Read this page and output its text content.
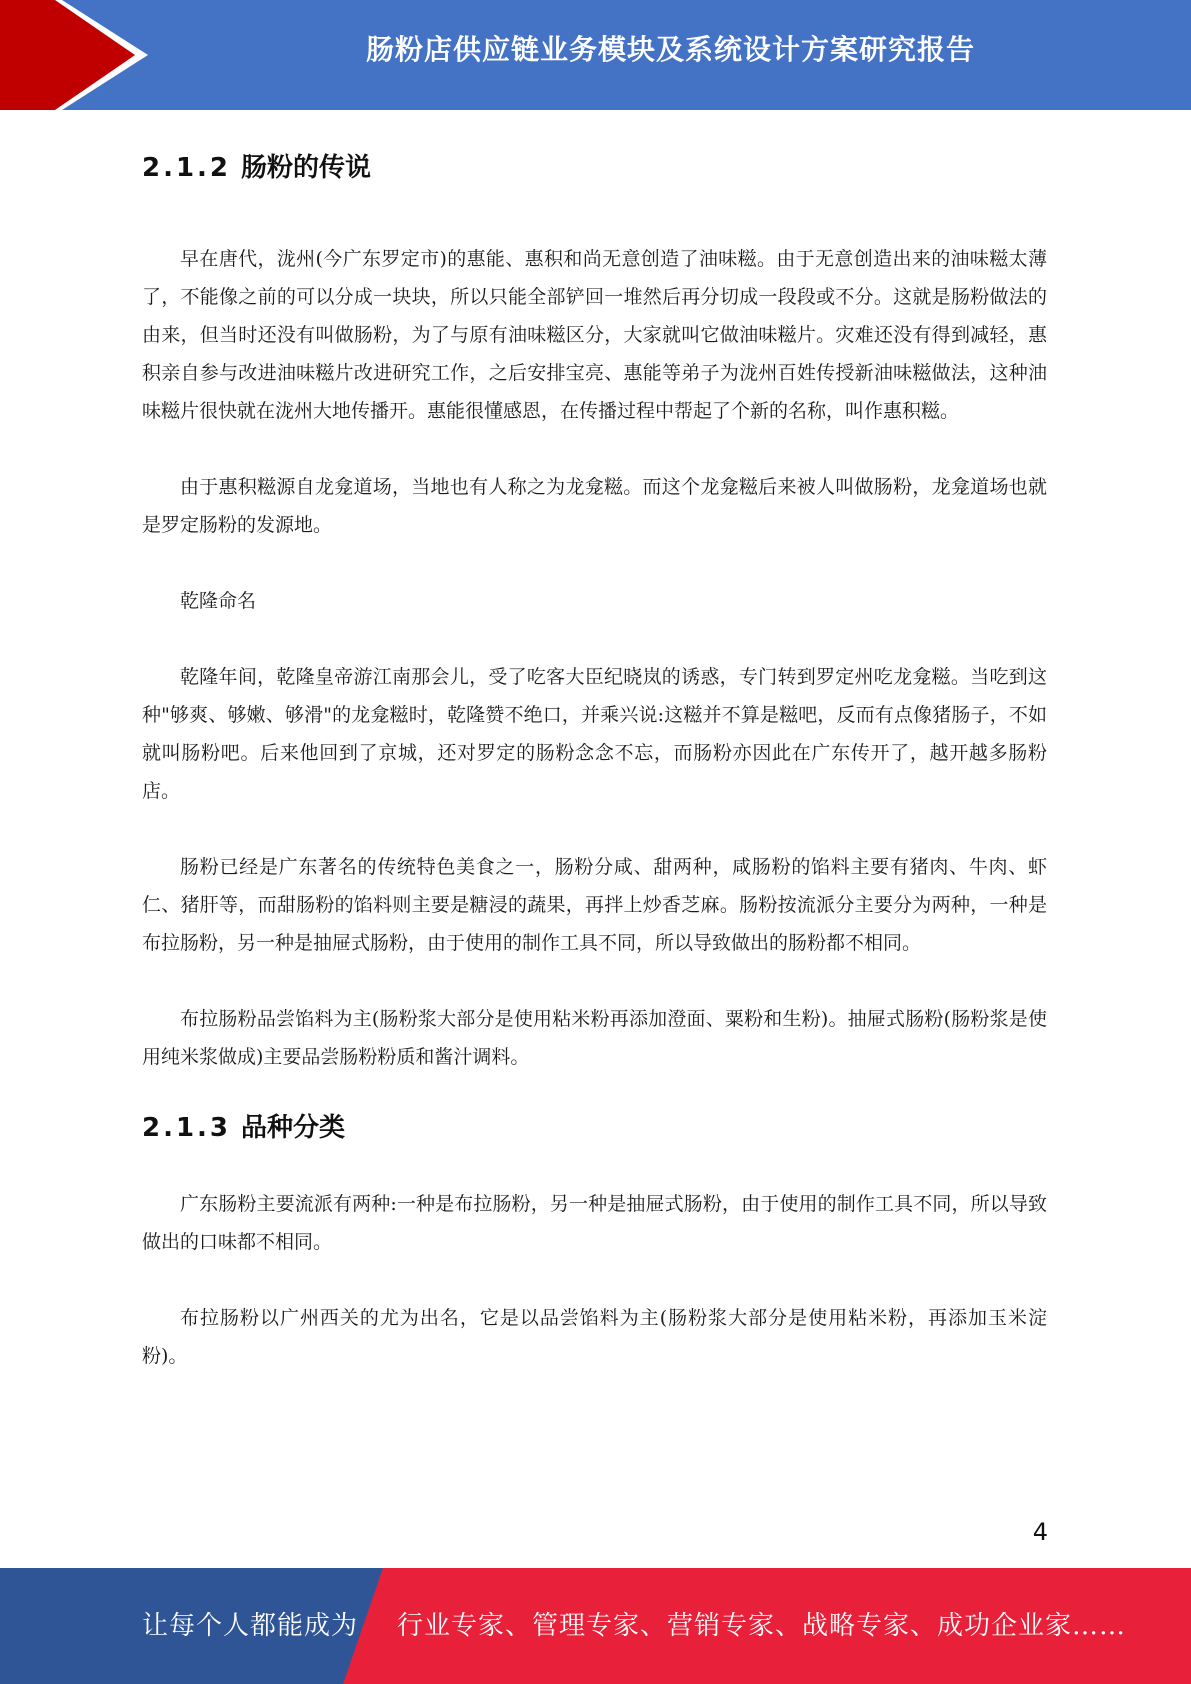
肠粉店供应链业务模块及系统设计方案研究报告
2.1.2 肠粉的传说

早在唐代，泷州(今广东罗定市)的惠能、惠积和尚无意创造了油味糍。由于无意创造出来的油味糍太薄了，不能像之前的可以分成一块块，所以只能全部铲回一堆然后再分切成一段段或不分。这就是肠粉做法的由来，但当时还没有叫做肠粉，为了与原有油味糍区分，大家就叫它做油味糍片。灾难还没有得到减轻，惠积亲自参与改进油味糍片改进研究工作，之后安排宝亮、惠能等弟子为泷州百姓传授新油味糍做法，这种油味糍片很快就在泷州大地传播开。惠能很懂感恩，在传播过程中帮起了个新的名称，叫作惠积糍。

由于惠积糍源自龙龛道场，当地也有人称之为龙龛糍。而这个龙龛糍后来被人叫做肠粉，龙龛道场也就是罗定肠粉的发源地。

乾隆命名

乾隆年间，乾隆皇帝游江南那会儿，受了吃客大臣纪晓岚的诱惑，专门转到罗定州吃龙龛糍。当吃到这种"够爽、够嫩、够滑"的龙龛糍时，乾隆赞不绝口，并乘兴说:这糍并不算是糍吧，反而有点像猪肠子，不如就叫肠粉吧。后来他回到了京城，还对罗定的肠粉念念不忘，而肠粉亦因此在广东传开了，越开越多肠粉店。

肠粉已经是广东著名的传统特色美食之一，肠粉分咸、甜两种，咸肠粉的馅料主要有猪肉、牛肉、虾仁、猪肝等，而甜肠粉的馅料则主要是糖浸的蔬果，再拌上炒香芝麻。肠粉按流派分主要分为两种，一种是布拉肠粉，另一种是抽屉式肠粉，由于使用的制作工具不同，所以导致做出的肠粉都不相同。

布拉肠粉品尝馅料为主(肠粉浆大部分是使用粘米粉再添加澄面、粟粉和生粉)。抽屉式肠粉(肠粉浆是使用纯米浆做成)主要品尝肠粉粉质和酱汁调料。

2.1.3 品种分类

广东肠粉主要流派有两种:一种是布拉肠粉，另一种是抽屉式肠粉，由于使用的制作工具不同，所以导致做出的口味都不相同。

布拉肠粉以广州西关的尤为出名，它是以品尝馅料为主(肠粉浆大部分是使用粘米粉，再添加玉米淀粉)。

4
让每个人都能成为 行业专家、管理专家、营销专家、战略专家、成功企业家……
